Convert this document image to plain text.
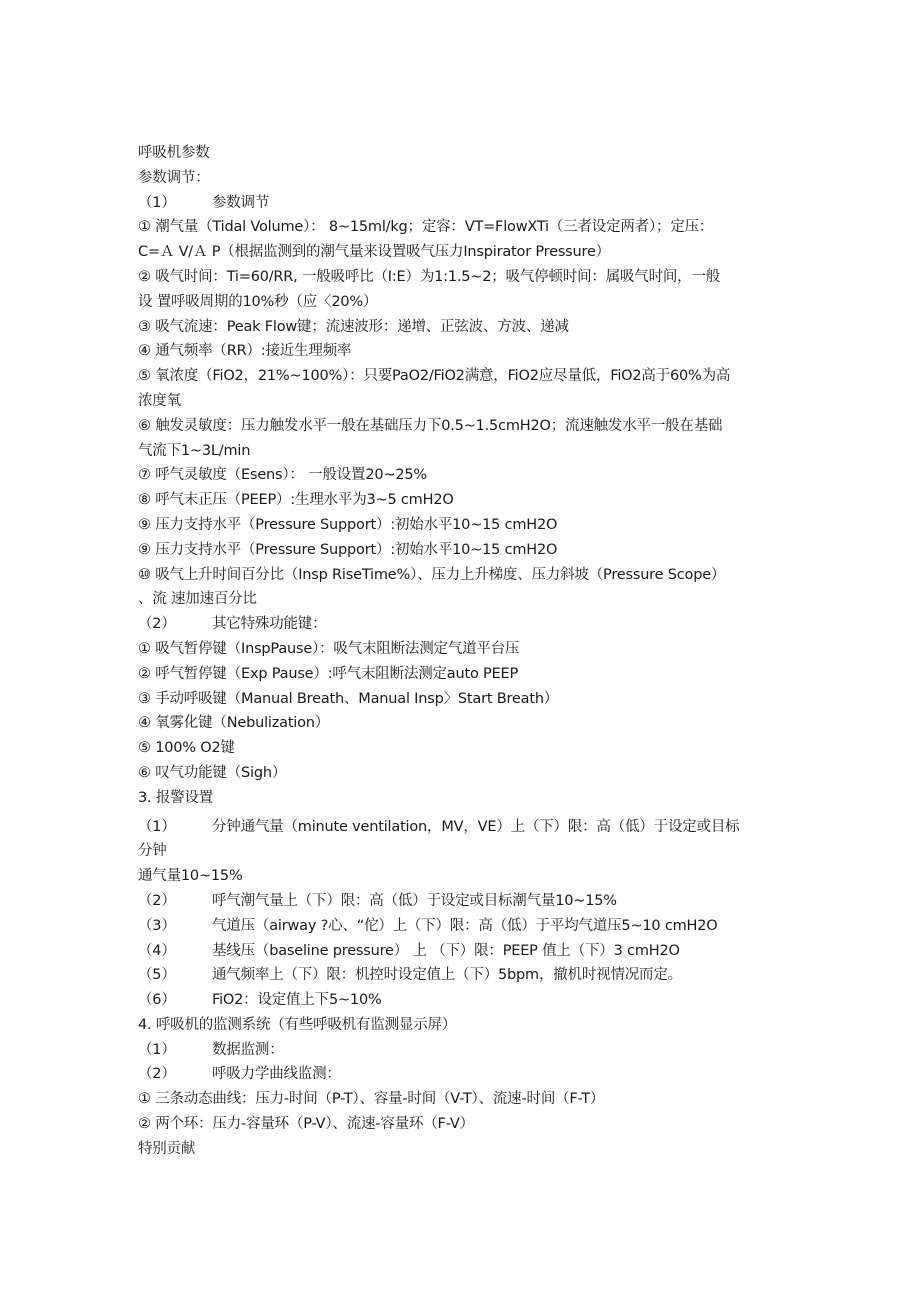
呼吸机参数
参数调节：
（1）	参数调节
① 潮气量（Tidal Volume）： 8~15ml/kg；定容：VT=FlowXTi（三者设定两者）；定压：
C=Ａ V/Ａ P（根据监测到的潮气量来设置吸气压力Inspirator Pressure）
② 吸气时间：Ti=60/RR, 一般吸呼比（I:E）为1:1.5~2；吸气停顿时间：属吸气时间，一般
设 置呼吸周期的10%秒（应〈20%）
③ 吸气流速：Peak Flow键；流速波形：递增、正弦波、方波、递减
④ 通气频率（RR）:接近生理频率
⑤ 氧浓度（FiO2，21%~100%）：只要PaO2/FiO2满意，FiO2应尽量低，FiO2高于60%为高
浓度氧
⑥ 触发灵敏度：压力触发水平一般在基础压力下0.5~1.5cmH2O；流速触发水平一般在基础
气流下1~3L/min
⑦ 呼气灵敏度（Esens）： 一般设置20~25%
⑧ 呼气末正压（PEEP）:生理水平为3~5 cmH2O
⑨ 压力支持水平（Pressure Support）:初始水平10~15 cmH2O
⑨ 压力支持水平（Pressure Support）:初始水平10~15 cmH2O
⑩ 吸气上升时间百分比（Insp RiseTime%）、压力上升梯度、压力斜坡（Pressure Scope）
、流 速加速百分比
（2）	其它特殊功能键：
① 吸气暂停键（InspPause）：吸气末阻断法测定气道平台压
② 呼气暂停键（Exp Pause）:呼气末阻断法测定auto PEEP
③ 手动呼吸键（Manual Breath、Manual Insp〉Start Breath）
④ 氧雾化键（Nebulization）
⑤ 100% O2键
⑥ 叹气功能键（Sigh）
3. 报警设置
（1）	分钟通气量（minute ventilation，MV，VE）上（下）限：高（低）于设定或目标
分钟
通气量10~15%
（2）	呼气潮气量上（下）限：高（低）于设定或目标潮气量10~15%
（3）	气道压（airway ?心、“佗）上（下）限：高（低）于平均气道压5~10 cmH2O
（4）	基线压（baseline pressure） 上 （下）限：PEEP 值上（下）3 cmH2O
（5）	通气频率上（下）限：机控时设定值上（下）5bpm，撤机时视情况而定。
（6）	FiO2：设定值上下5~10%
4. 呼吸机的监测系统（有些呼吸机有监测显示屏）
（1）	数据监测：
（2）	呼吸力学曲线监测：
① 三条动态曲线：压力-时间（P-T）、容量-时间（V-T）、流速-时间（F-T）
② 两个环：压力-容量环（P-V）、流速-容量环（F-V）
特别贡献
